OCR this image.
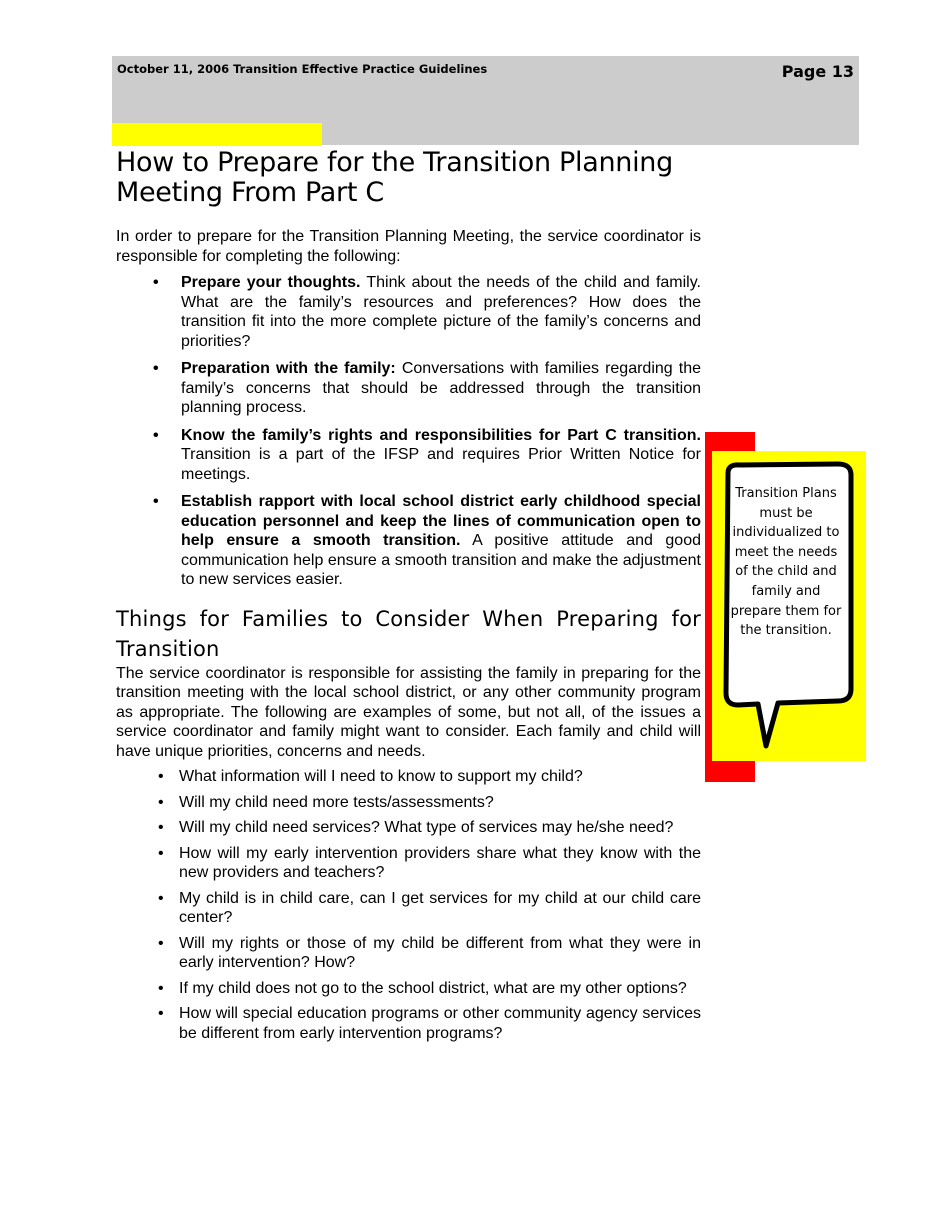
October 11, 2006 Transition Effective Practice Guidelines	Page 13
How to Prepare for the Transition Planning Meeting From Part C

In order to prepare for the Transition Planning Meeting, the service coordinator is responsible for completing the following:

• Prepare your thoughts. Think about the needs of the child and family. What are the family’s resources and preferences? How does the transition fit into the more complete picture of the family’s concerns and priorities?
• Preparation with the family: Conversations with families regarding the family’s concerns that should be addressed through the transition planning process.
• Know the family’s rights and responsibilities for Part C transition. Transition is a part of the IFSP and requires Prior Written Notice for meetings.
• Establish rapport with local school district early childhood special education personnel and keep the lines of communication open to help ensure a smooth transition. A positive attitude and good communication help ensure a smooth transition and make the adjustment to new services easier.
Things for Families to Consider When Preparing for
Transition

The service coordinator is responsible for assisting the family in preparing for the transition meeting with the local school district, or any other community program as appropriate. The following are examples of some, but not all, of the issues a service coordinator and family might want to consider. Each family and child will have unique priorities, concerns and needs.

• What information will I need to know to support my child?
• Will my child need more tests/assessments?
• Will my child need services? What type of services may he/she need?
• How will my early intervention providers share what they know with the new providers and teachers?
• My child is in child care, can I get services for my child at our child care center?
• Will my rights or those of my child be different from what they were in early intervention? How?
• If my child does not go to the school district, what are my other options?
• How will special education programs or other community agency services be different from early intervention programs?
Transition Plans must be individualized to meet the needs of the child and family and prepare them for the transition.
